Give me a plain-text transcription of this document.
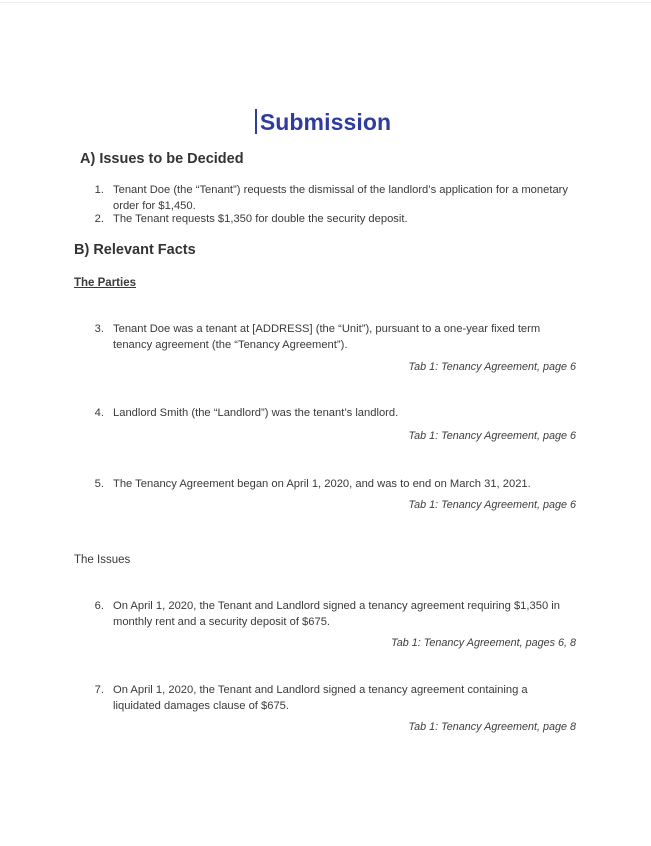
Submission
A) Issues to be Decided
1. Tenant Doe (the “Tenant”) requests the dismissal of the landlord’s application for a monetary order for $1,450.
2. The Tenant requests $1,350 for double the security deposit.
B) Relevant Facts
The Parties
3. Tenant Doe was a tenant at [ADDRESS] (the “Unit”), pursuant to a one-year fixed term tenancy agreement (the “Tenancy Agreement”).
Tab 1: Tenancy Agreement, page 6
4. Landlord Smith (the “Landlord”) was the tenant’s landlord.
Tab 1: Tenancy Agreement, page 6
5. The Tenancy Agreement began on April 1, 2020, and was to end on March 31, 2021.
Tab 1: Tenancy Agreement, page 6
The Issues
6. On April 1, 2020, the Tenant and Landlord signed a tenancy agreement requiring $1,350 in monthly rent and a security deposit of $675.
Tab 1: Tenancy Agreement, pages 6, 8
7. On April 1, 2020, the Tenant and Landlord signed a tenancy agreement containing a liquidated damages clause of $675.
Tab 1: Tenancy Agreement, page 8
